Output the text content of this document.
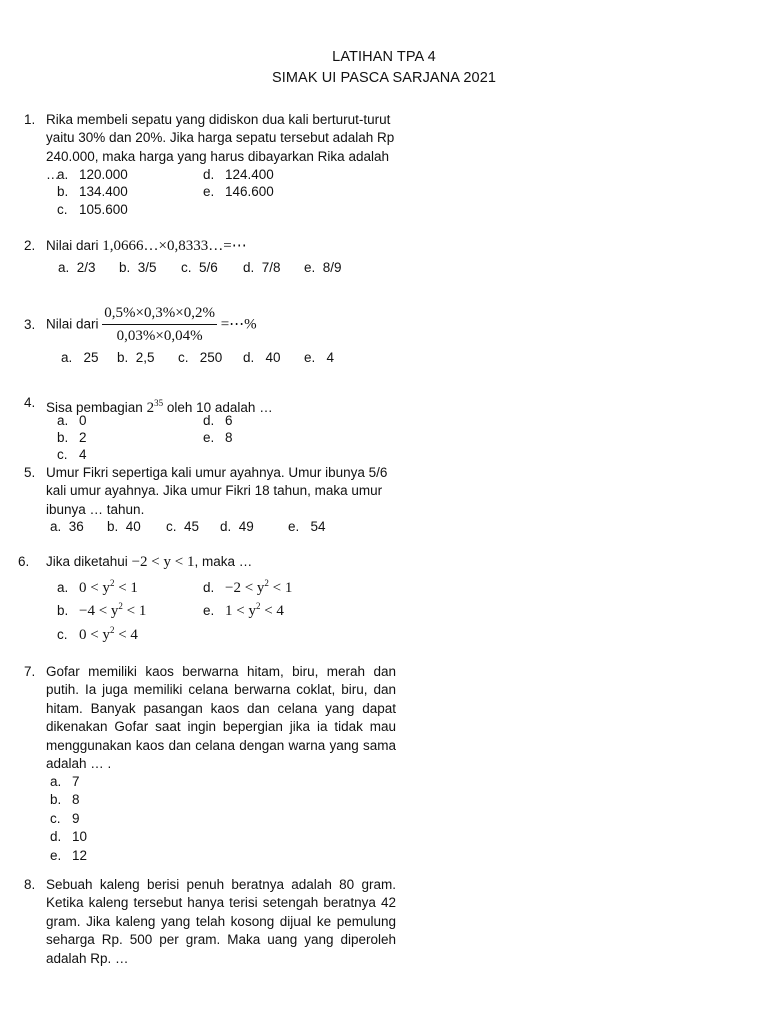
LATIHAN TPA 4
SIMAK UI PASCA SARJANA 2021
1. Rika membeli sepatu yang didiskon dua kali berturut-turut
yaitu 30% dan 20%. Jika harga sepatu tersebut adalah Rp
240.000, maka harga yang harus dibayarkan Rika adalah …
a. 120.000
b. 134.400
c. 105.600
d. 124.400
e. 146.600
2. Nilai dari 1,0666…×0,8333…=⋯
a. 2/3 b. 3/5 c. 5/6 d. 7/8 e. 8/9
3. Nilai dari $\frac{0,5\%\times 0,3\%\times 0,2\%}{0,03\%\times 0,04\%}$ =⋯%
a. 25 b. 2,5 c. 250 d. 40 e. 4
4. Sisa pembagian $2^{35}$ oleh 10 adalah …
a. 0
b. 2
c. 4
d. 6
e. 8
5. Umur Fikri sepertiga kali umur ayahnya. Umur ibunya 5/6
kali umur ayahnya. Jika umur Fikri 18 tahun, maka umur
ibunya … tahun.
a. 36 b. 40 c. 45 d. 49	e. 54
6.	Jika diketahui −2 < y < 1, maka …
a. $0 < y^2 < 1$
b. $-4 < y^2 < 1$
c. $0 < y^2 < 4$
d. $-2 < y^2 < 1$
e. $1 < y^2 < 4$
7. Gofar memiliki kaos berwarna hitam, biru, merah dan putih. Ia juga memiliki celana berwarna coklat, biru, dan hitam. Banyak pasangan kaos dan celana yang dapat dikenakan Gofar saat ingin bepergian jika ia tidak mau menggunakan kaos dan celana dengan warna yang sama adalah … .
a. 7
b. 8
c. 9
d. 10
e. 12
8. Sebuah kaleng berisi penuh beratnya adalah 80 gram. Ketika kaleng tersebut hanya terisi setengah beratnya 42 gram. Jika kaleng yang telah kosong dijual ke pemulung seharga Rp. 500 per gram. Maka uang yang diperoleh adalah Rp. …
